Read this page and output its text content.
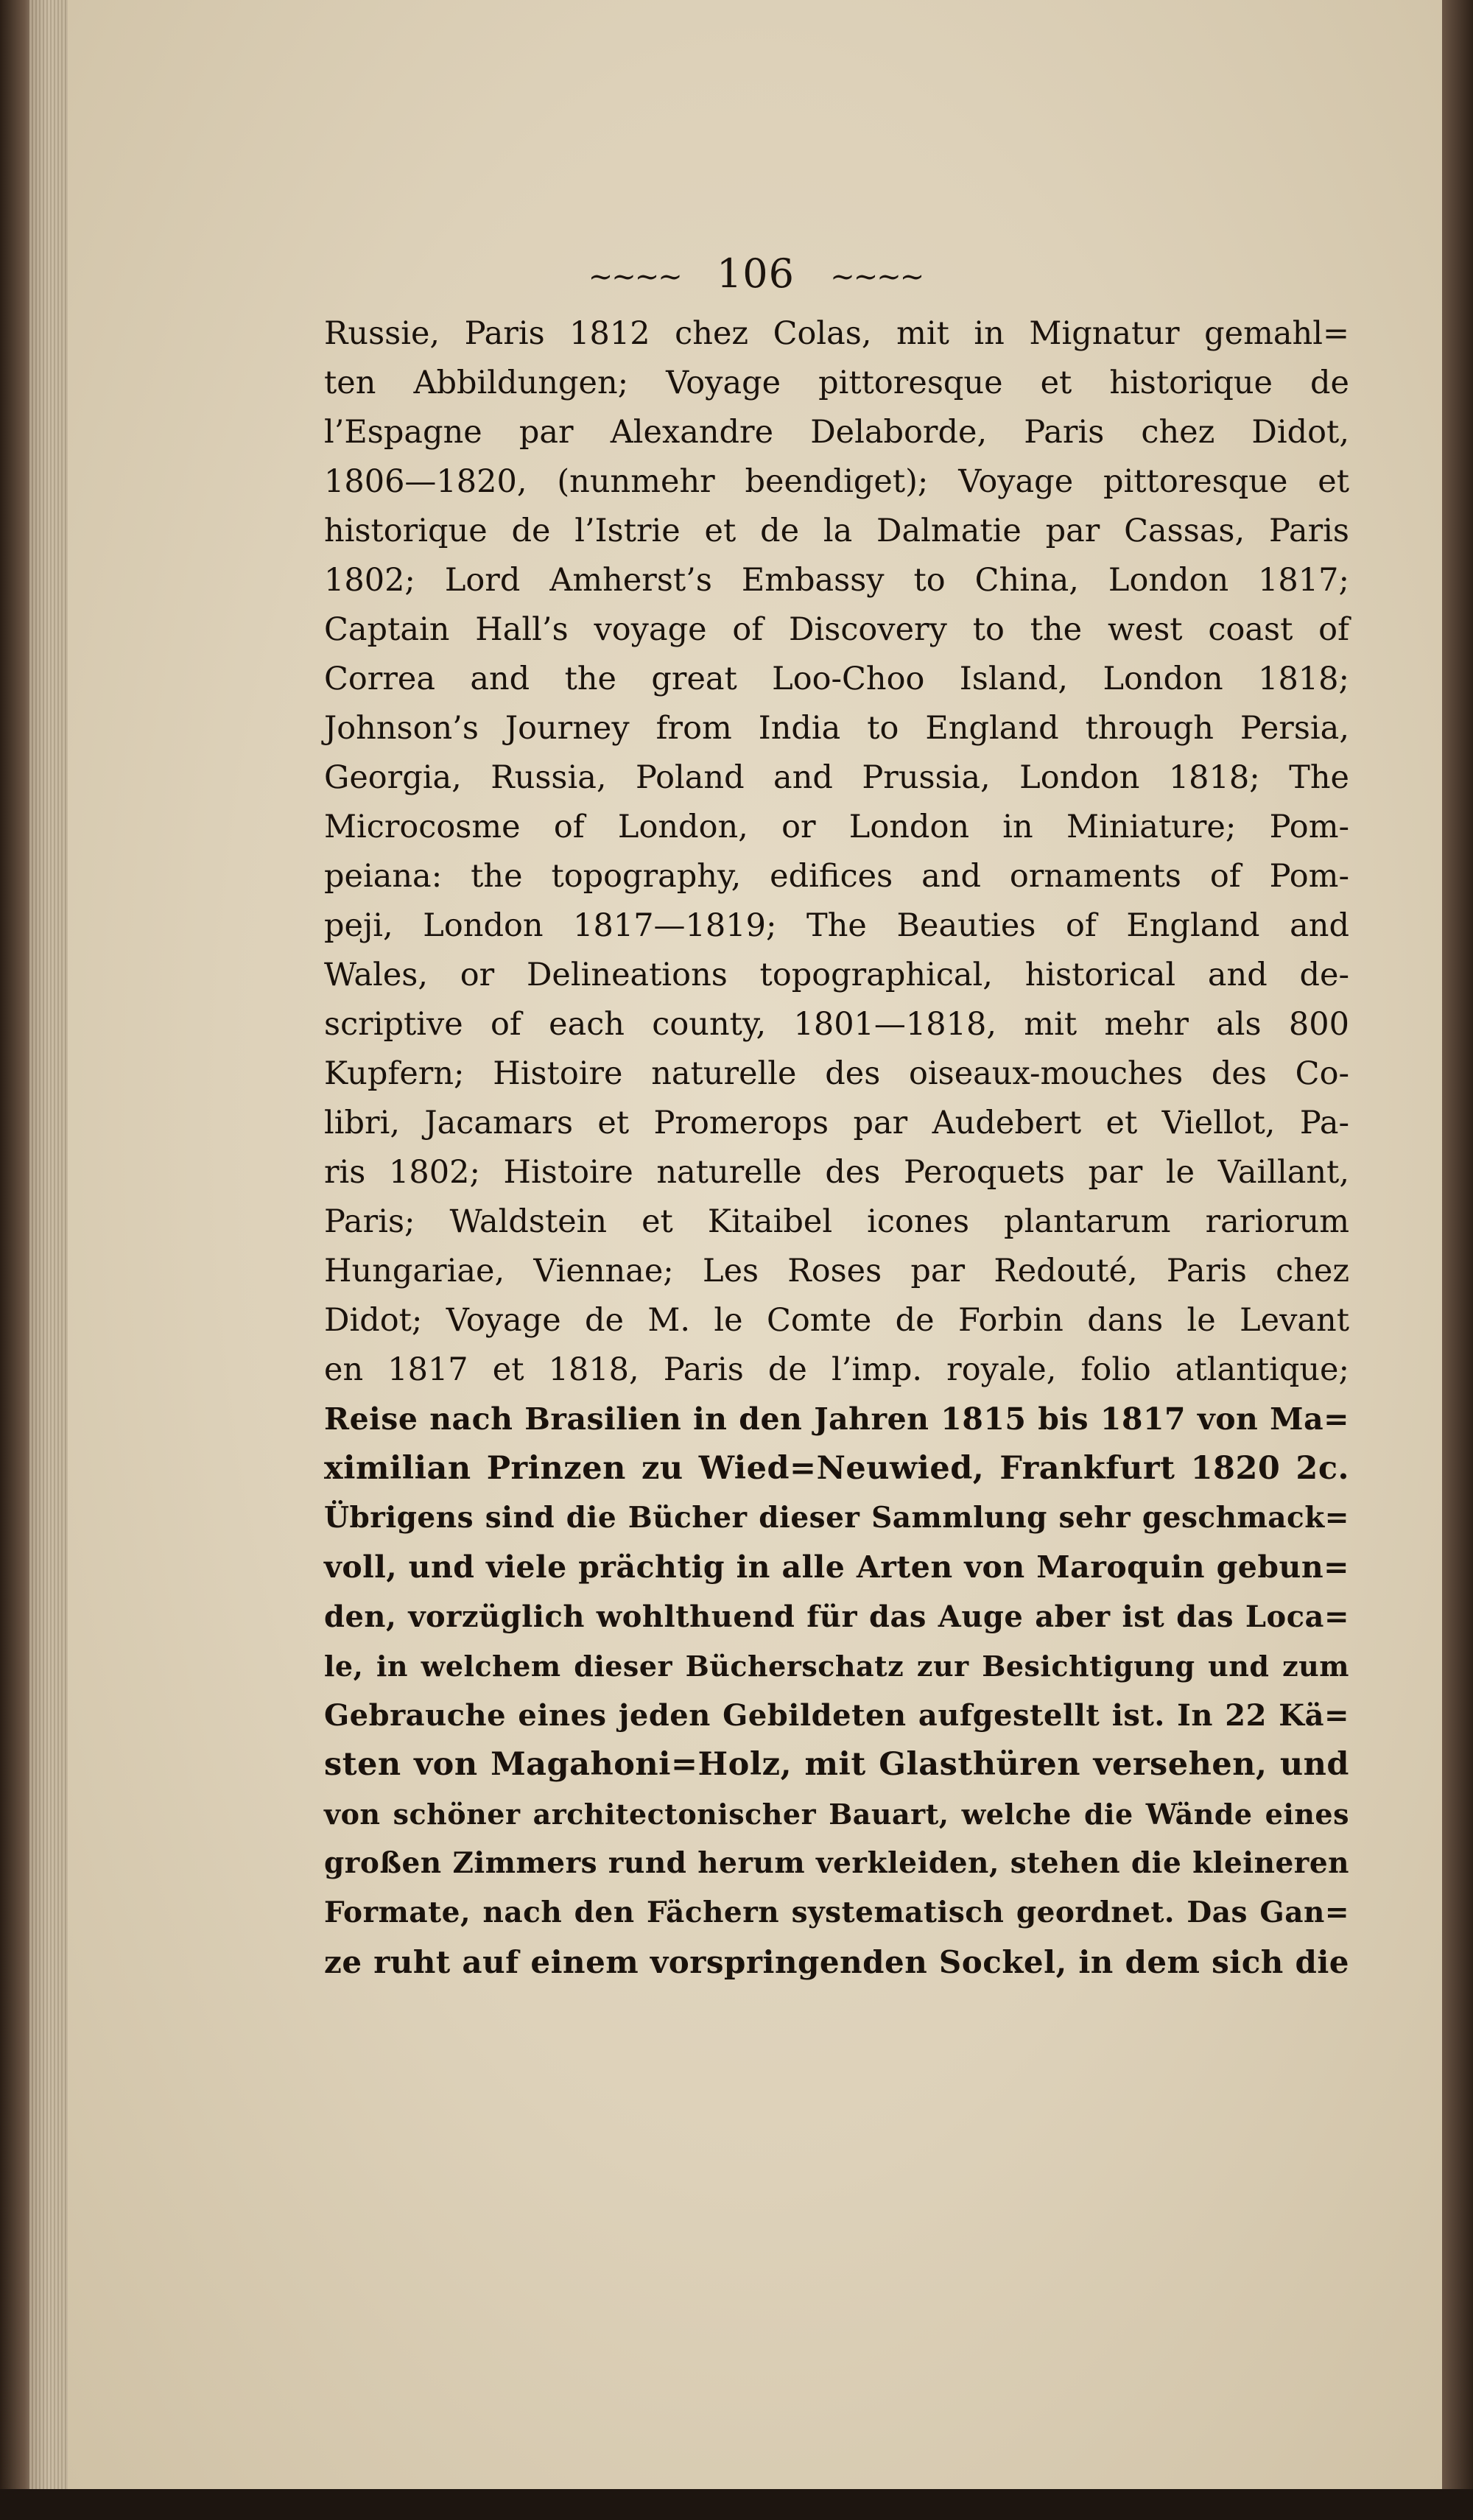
~~~~ 106 ~~~~
Russie, Paris 1812 chez Colas, mit in Mignatur gemahl=
ten Abbildungen; Voyage pittoresque et historique de
l’Espagne par Alexandre Delaborde, Paris chez Didot,
1806—1820, (nunmehr beendiget); Voyage pittoresque et
historique de l’Istrie et de la Dalmatie par Cassas, Paris
1802; Lord Amherst’s Embassy to China, London 1817;
Captain Hall’s voyage of Discovery to the west coast of
Correa and the great Loo-Choo Island, London 1818;
Johnson’s Journey from India to England through Persia,
Georgia, Russia, Poland and Prussia, London 1818; The
Microcosme of London, or London in Miniature; Pom-
peiana: the topography, edifices and ornaments of Pom-
peji, London 1817—1819; The Beauties of England and
Wales, or Delineations topographical, historical and de-
scriptive of each county, 1801—1818, mit mehr als 800
Kupfern; Histoire naturelle des oiseaux-mouches des Co-
libri, Jacamars et Promerops par Audebert et Viellot, Pa-
ris 1802; Histoire naturelle des Peroquets par le Vaillant,
Paris; Waldstein et Kitaibel icones plantarum rariorum
Hungariae, Viennae; Les Roses par Redouté, Paris chez
Didot; Voyage de M. le Comte de Forbin dans le Levant
en 1817 et 1818, Paris de l’imp. royale, folio atlantique;
Reise nach Brasilien in den Jahren 1815 bis 1817 von Ma=
ximilian Prinzen zu Wied=Neuwied, Frankfurt 1820 2c.
Übrigens sind die Bücher dieser Sammlung sehr geschmack=
voll, und viele prächtig in alle Arten von Maroquin gebun=
den, vorzüglich wohlthuend für das Auge aber ist das Loca=
le, in welchem dieser Bücherschatz zur Besichtigung und zum
Gebrauche eines jeden Gebildeten aufgestellt ist. In 22 Kä=
sten von Magahoni=Holz, mit Glasthüren versehen, und
von schöner architectonischer Bauart, welche die Wände eines
großen Zimmers rund herum verkleiden, stehen die kleineren
Formate, nach den Fächern systematisch geordnet. Das Gan=
ze ruht auf einem vorspringenden Sockel, in dem sich die
